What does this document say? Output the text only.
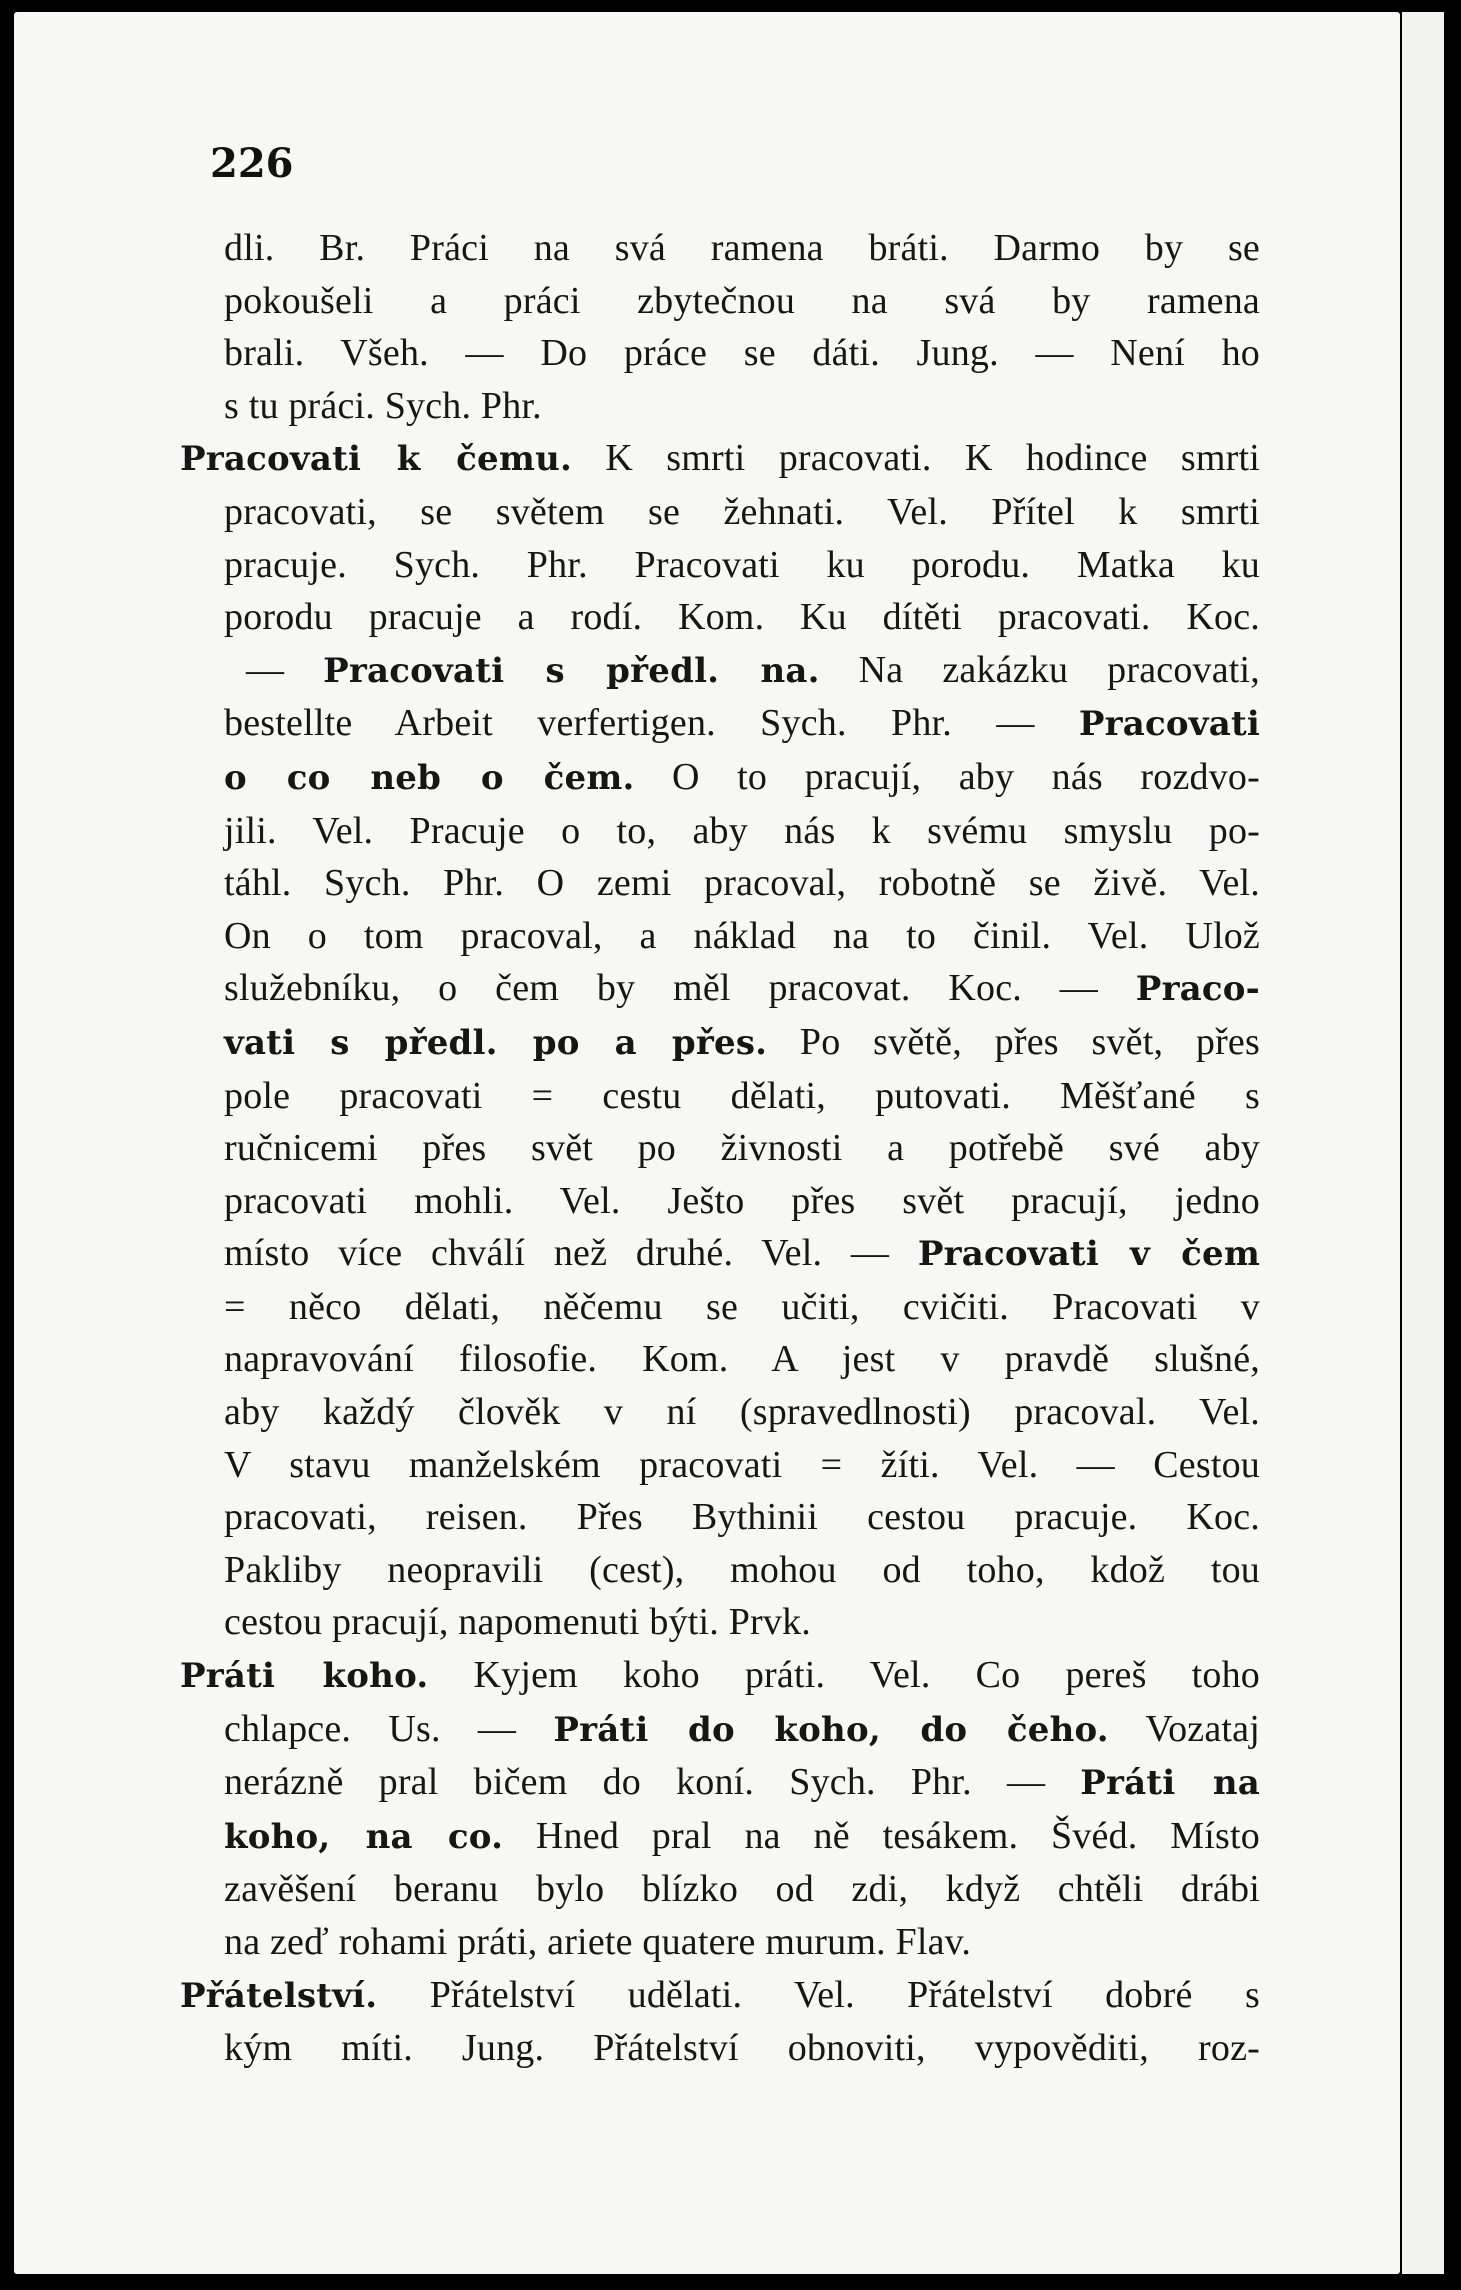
226
dli. Br. Práci na svá ramena bráti. Darmo by se
pokoušeli a práci zbytečnou na svá by ramena
brali. Všeh. — Do práce se dáti. Jung. — Není ho
s tu práci. Sych. Phr.
Pracovati k čemu. K smrti pracovati. K hodince smrti
pracovati, se světem se žehnati. Vel. Přítel k smrti
pracuje. Sych. Phr. Pracovati ku porodu. Matka ku
porodu pracuje a rodí. Kom. Ku dítěti pracovati. Koc.
— Pracovati s předl. na. Na zakázku pracovati,
bestellte Arbeit verfertigen. Sych. Phr. — Pracovati
o co neb o čem. O to pracují, aby nás rozdvo-
jili. Vel. Pracuje o to, aby nás k svému smyslu po-
táhl. Sych. Phr. O zemi pracoval, robotně se živě. Vel.
On o tom pracoval, a náklad na to činil. Vel. Ulož
služebníku, o čem by měl pracovat. Koc. — Praco-
vati s předl. po a přes. Po světě, přes svět, přes
pole pracovati = cestu dělati, putovati. Měšťané s
ručnicemi přes svět po živnosti a potřebě své aby
pracovati mohli. Vel. Ješto přes svět pracují, jedno
místo více chválí než druhé. Vel. — Pracovati v čem
= něco dělati, něčemu se učiti, cvičiti. Pracovati v
napravování filosofie. Kom. A jest v pravdě slušné,
aby každý člověk v ní (spravedlnosti) pracoval. Vel.
V stavu manželském pracovati = žíti. Vel. — Cestou
pracovati, reisen. Přes Bythinii cestou pracuje. Koc.
Pakliby neopravili (cest), mohou od toho, kdož tou
cestou pracují, napomenuti býti. Prvk.
Práti koho. Kyjem koho práti. Vel. Co pereš toho
chlapce. Us. — Práti do koho, do čeho. Vozataj
nerázně pral bičem do koní. Sych. Phr. — Práti na
koho, na co. Hned pral na ně tesákem. Švéd. Místo
zavěšení beranu bylo blízko od zdi, když chtěli drábi
na zeď rohami práti, ariete quatere murum. Flav.
Přátelství. Přátelství udělati. Vel. Přátelství dobré s
kým míti. Jung. Přátelství obnoviti, vypověditi, roz-
